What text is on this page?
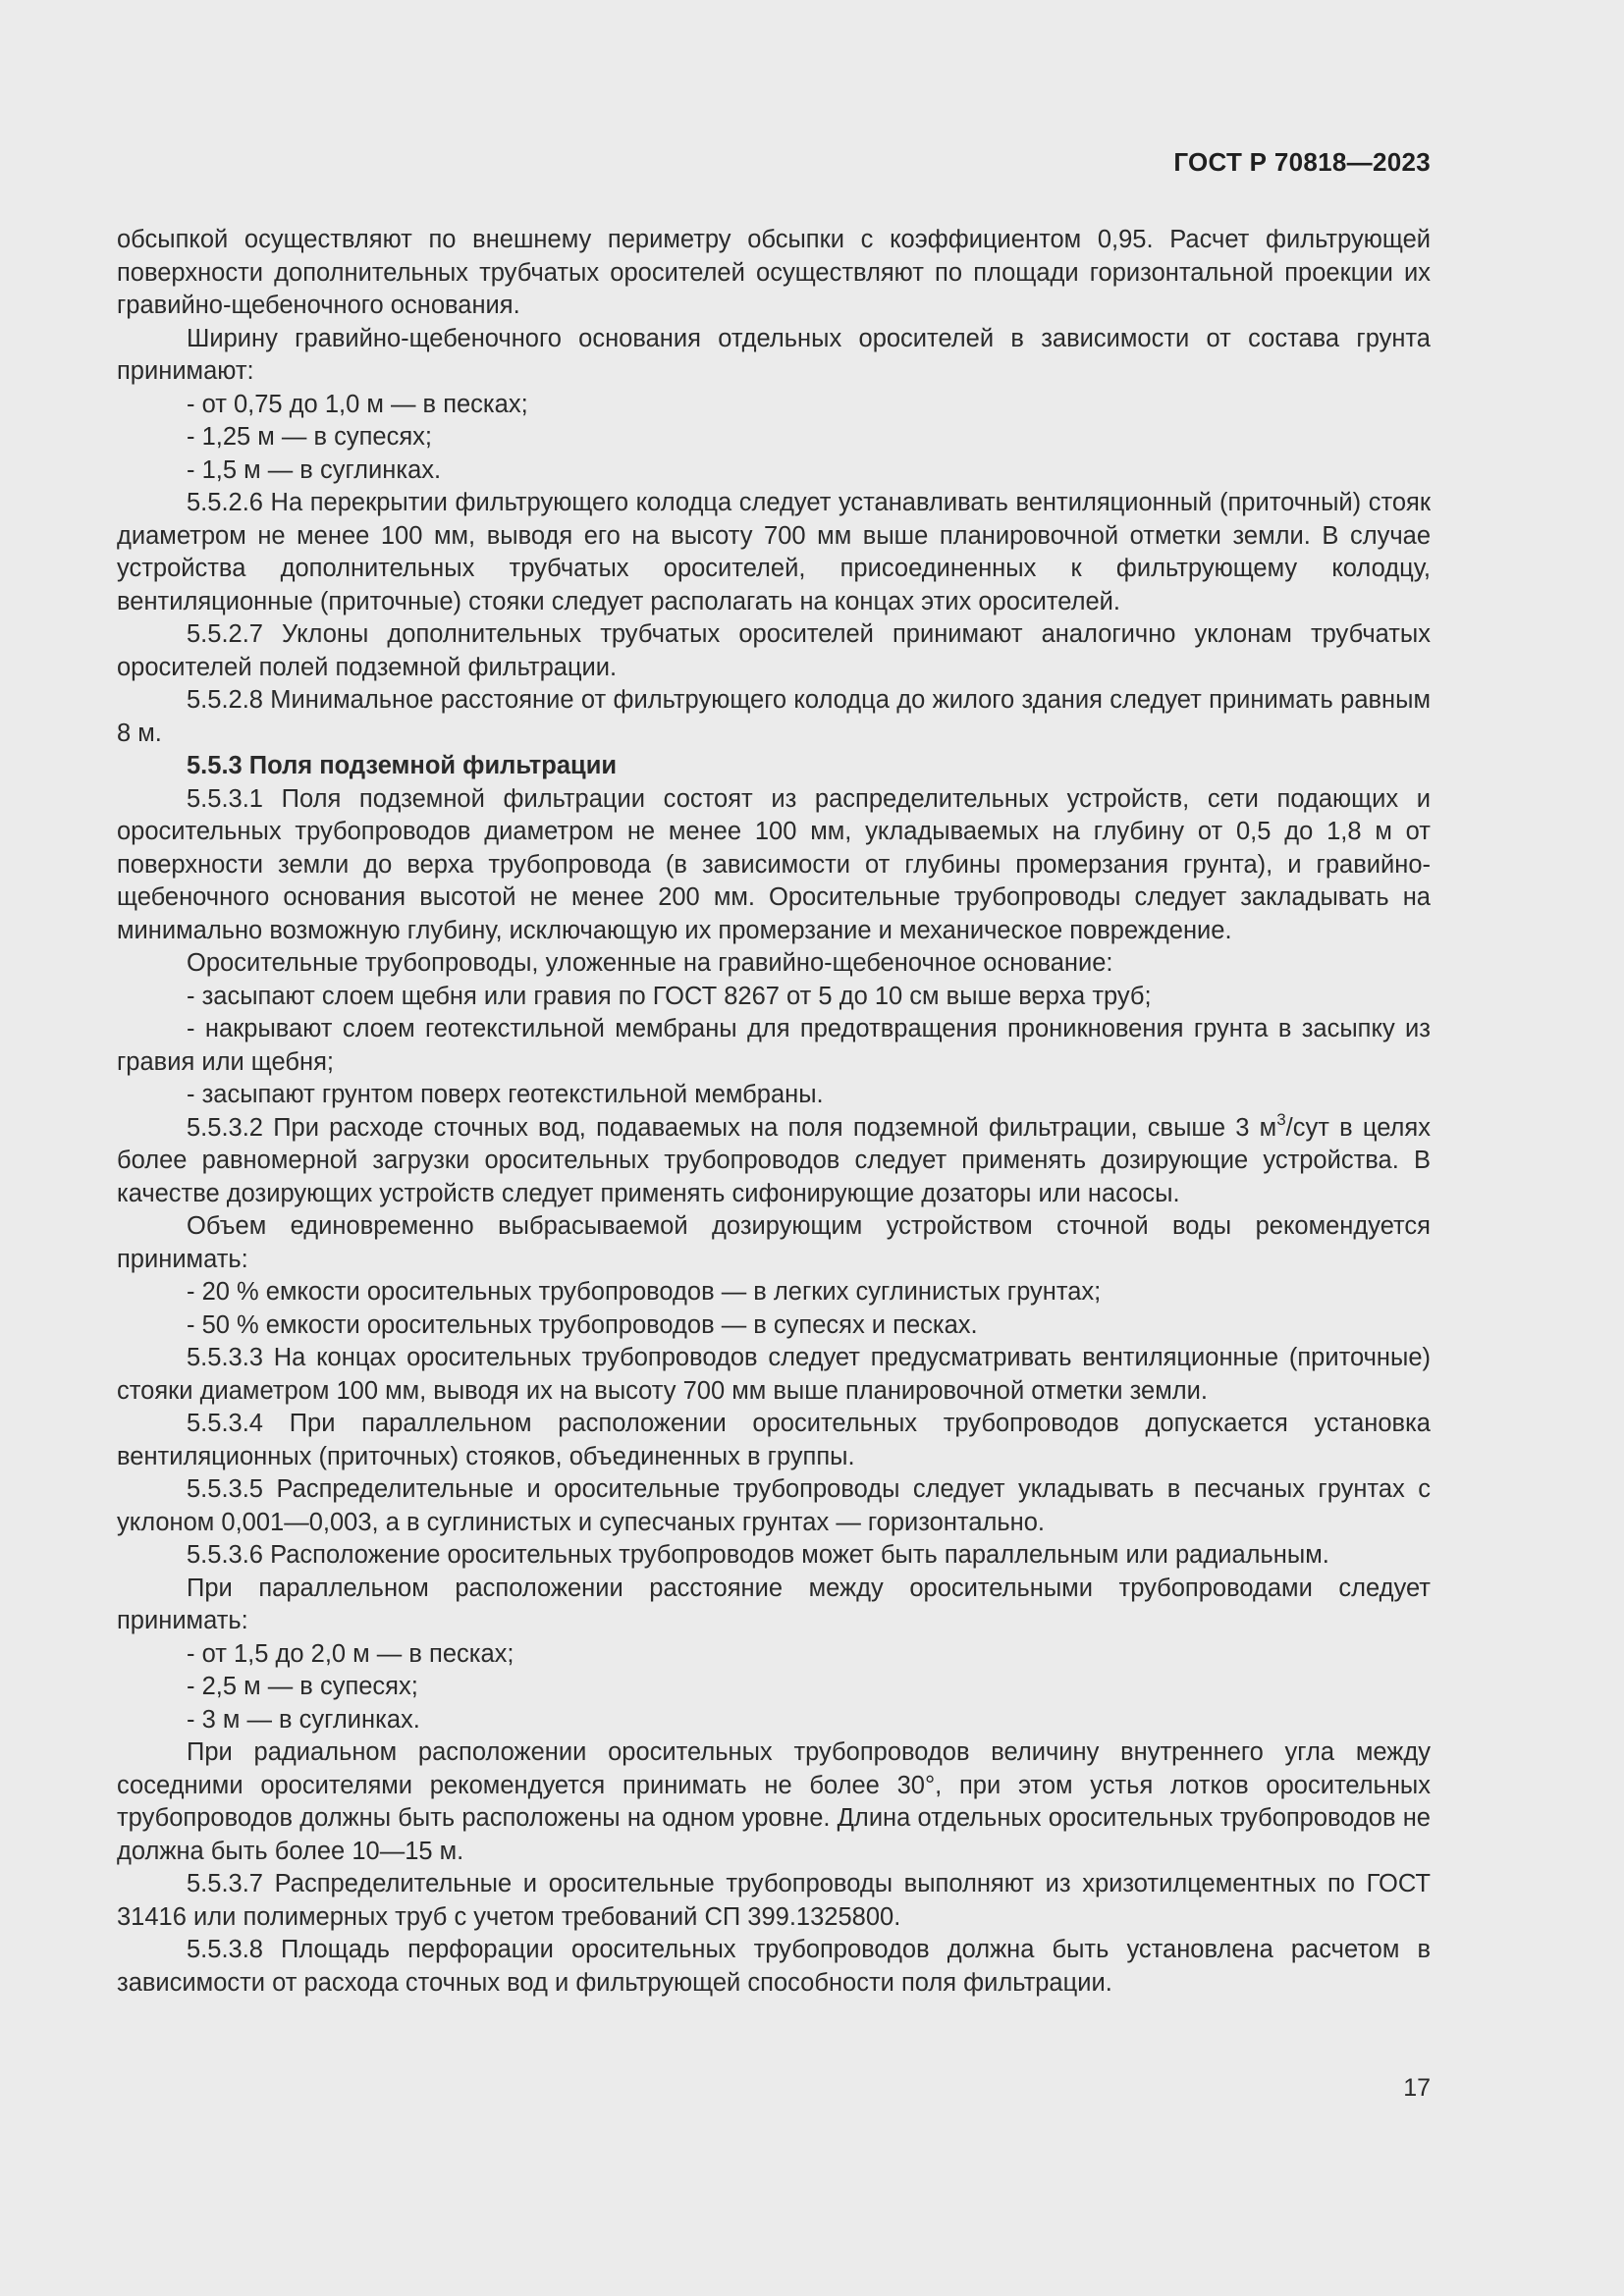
ГОСТ Р 70818—2023

обсыпкой осуществляют по внешнему периметру обсыпки с коэффициентом 0,95. Расчет фильтрующей поверхности дополнительных трубчатых оросителей осуществляют по площади горизонтальной проекции их гравийно-щебеночного основания.

Ширину гравийно-щебеночного основания отдельных оросителей в зависимости от состава грунта принимают:

- от 0,75 до 1,0 м — в песках;

- 1,25 м — в супесях;

- 1,5 м — в суглинках.

5.5.2.6 На перекрытии фильтрующего колодца следует устанавливать вентиляционный (приточный) стояк диаметром не менее 100 мм, выводя его на высоту 700 мм выше планировочной отметки земли. В случае устройства дополнительных трубчатых оросителей, присоединенных к фильтрующему колодцу, вентиляционные (приточные) стояки следует располагать на концах этих оросителей.

5.5.2.7 Уклоны дополнительных трубчатых оросителей принимают аналогично уклонам трубчатых оросителей полей подземной фильтрации.

5.5.2.8 Минимальное расстояние от фильтрующего колодца до жилого здания следует принимать равным 8 м.

5.5.3 Поля подземной фильтрации

5.5.3.1 Поля подземной фильтрации состоят из распределительных устройств, сети подающих и оросительных трубопроводов диаметром не менее 100 мм, укладываемых на глубину от 0,5 до 1,8 м от поверхности земли до верха трубопровода (в зависимости от глубины промерзания грунта), и гравийно-щебеночного основания высотой не менее 200 мм. Оросительные трубопроводы следует закладывать на минимально возможную глубину, исключающую их промерзание и механическое повреждение.

Оросительные трубопроводы, уложенные на гравийно-щебеночное основание:

- засыпают слоем щебня или гравия по ГОСТ 8267 от 5 до 10 см выше верха труб;

- накрывают слоем геотекстильной мембраны для предотвращения проникновения грунта в засыпку из гравия или щебня;

- засыпают грунтом поверх геотекстильной мембраны.

5.5.3.2 При расходе сточных вод, подаваемых на поля подземной фильтрации, свыше 3 $м^3$/сут в целях более равномерной загрузки оросительных трубопроводов следует применять дозирующие устройства. В качестве дозирующих устройств следует применять сифонирующие дозаторы или насосы.

Объем единовременно выбрасываемой дозирующим устройством сточной воды рекомендуется принимать:

- 20 % емкости оросительных трубопроводов — в легких суглинистых грунтах;

- 50 % емкости оросительных трубопроводов — в супесях и песках.

5.5.3.3 На концах оросительных трубопроводов следует предусматривать вентиляционные (приточные) стояки диаметром 100 мм, выводя их на высоту 700 мм выше планировочной отметки земли.

5.5.3.4 При параллельном расположении оросительных трубопроводов допускается установка вентиляционных (приточных) стояков, объединенных в группы.

5.5.3.5 Распределительные и оросительные трубопроводы следует укладывать в песчаных грунтах с уклоном 0,001—0,003, а в суглинистых и супесчаных грунтах — горизонтально.

5.5.3.6 Расположение оросительных трубопроводов может быть параллельным или радиальным.

При параллельном расположении расстояние между оросительными трубопроводами следует принимать:

- от 1,5 до 2,0 м — в песках;

- 2,5 м — в супесях;

- 3 м — в суглинках.

При радиальном расположении оросительных трубопроводов величину внутреннего угла между соседними оросителями рекомендуется принимать не более 30°, при этом устья лотков оросительных трубопроводов должны быть расположены на одном уровне. Длина отдельных оросительных трубопроводов не должна быть более 10—15 м.

5.5.3.7 Распределительные и оросительные трубопроводы выполняют из хризотилцементных по ГОСТ 31416 или полимерных труб с учетом требований СП 399.1325800.

5.5.3.8 Площадь перфорации оросительных трубопроводов должна быть установлена расчетом в зависимости от расхода сточных вод и фильтрующей способности поля фильтрации.

17
